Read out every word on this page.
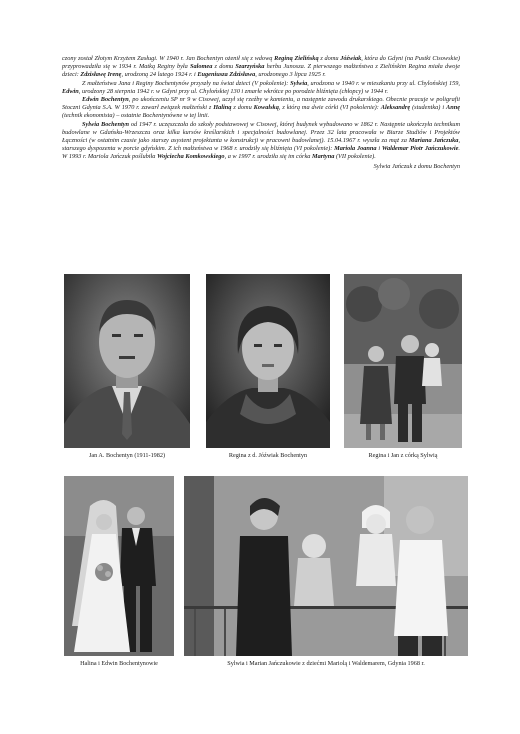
czony został Złotym Krzyżem Zasługi. W 1940 r. Jan Bochentyn ożenił się z wdową Reginą Zielińską z domu Jóźwiak, która do Gdyni (na Pustki Cisowskie) przyprowadziła się w 1934 r. Matką Reginy była Salomea z domu Szarzyńska herbu Junosza. Z pierwszego małżeństwa z Zielińskim Regina miała dwoje dzieci: Zdzisławę Irenę, urodzoną 24 lutego 1924 r. i Eugeniusza Zdzisława, urodzonego 3 lipca 1925 r.

Z małżeństwa Jana i Reginy Bochentynów przyszły na świat dzieci (V pokolenie): Sylwia, urodzona w 1940 r. w mieszkaniu przy ul. Chylońskiej 159, Edwin, urodzony 28 sierpnia 1942 r. w Gdyni przy ul. Chylońskiej 130 i zmarłe wkrótce po porodzie bliźnięta (chłopcy) w 1944 r.

Edwin Bochentyn, po ukończeniu SP nr 9 w Cisowej, uczył się rzeźby w kamieniu, a następnie zawodu drukarskiego. Obecnie pracuje w poligrafii Stoczni Gdynia S.A. W 1970 r. zawarł związek małżeński z Haliną z domu Kowalską, z którą ma dwie córki (VI pokolenie): Aleksandrę (studentka) i Annę (technik ekonomista) – ostatnie Bochentynówne w tej linii.

Sylwia Bochentyn od 1947 r. uczęszczała do szkoły podstawowej w Cisowej, której budynek wybudowano w 1862 r. Następnie ukończyła technikum budowlane w Gdańsku-Wrzeszczu oraz kilka kursów kreślarskich i specjalności budowlanej. Przez 32 lata pracowała w Biurze Studiów i Projektów Łączności (w ostatnim czasie jako starszy asystent projektanta w konstrukcji w pracowni budowlanej). 15.04.1967 r. wyszła za mąż za Mariana Jańczuka, starszego dyspozenta w porcie gdyńskim. Z ich małżeństwa w 1968 r. urodziły się bliźnięta (VI pokolenie): Mariola Joanna i Waldemar Piotr Jańczukowie. W 1993 r. Mariola Jańczuk poślubiła Wojciecha Komkowskiego, a w 1997 r. urodziła się im córka Martyna (VII pokolenie).

Sylwia Jańczuk z domu Bochentyn

Jan A. Bochentyn (1911-1982)	Regina z d. Jóźwiak Bochentyn	Regina i Jan z córką Sylwią
Halina i Edwin Bochentynowie	Sylwia i Marian Jańczukowie z dziećmi Mariolą i Waldemarem, Gdynia 1968 r.
